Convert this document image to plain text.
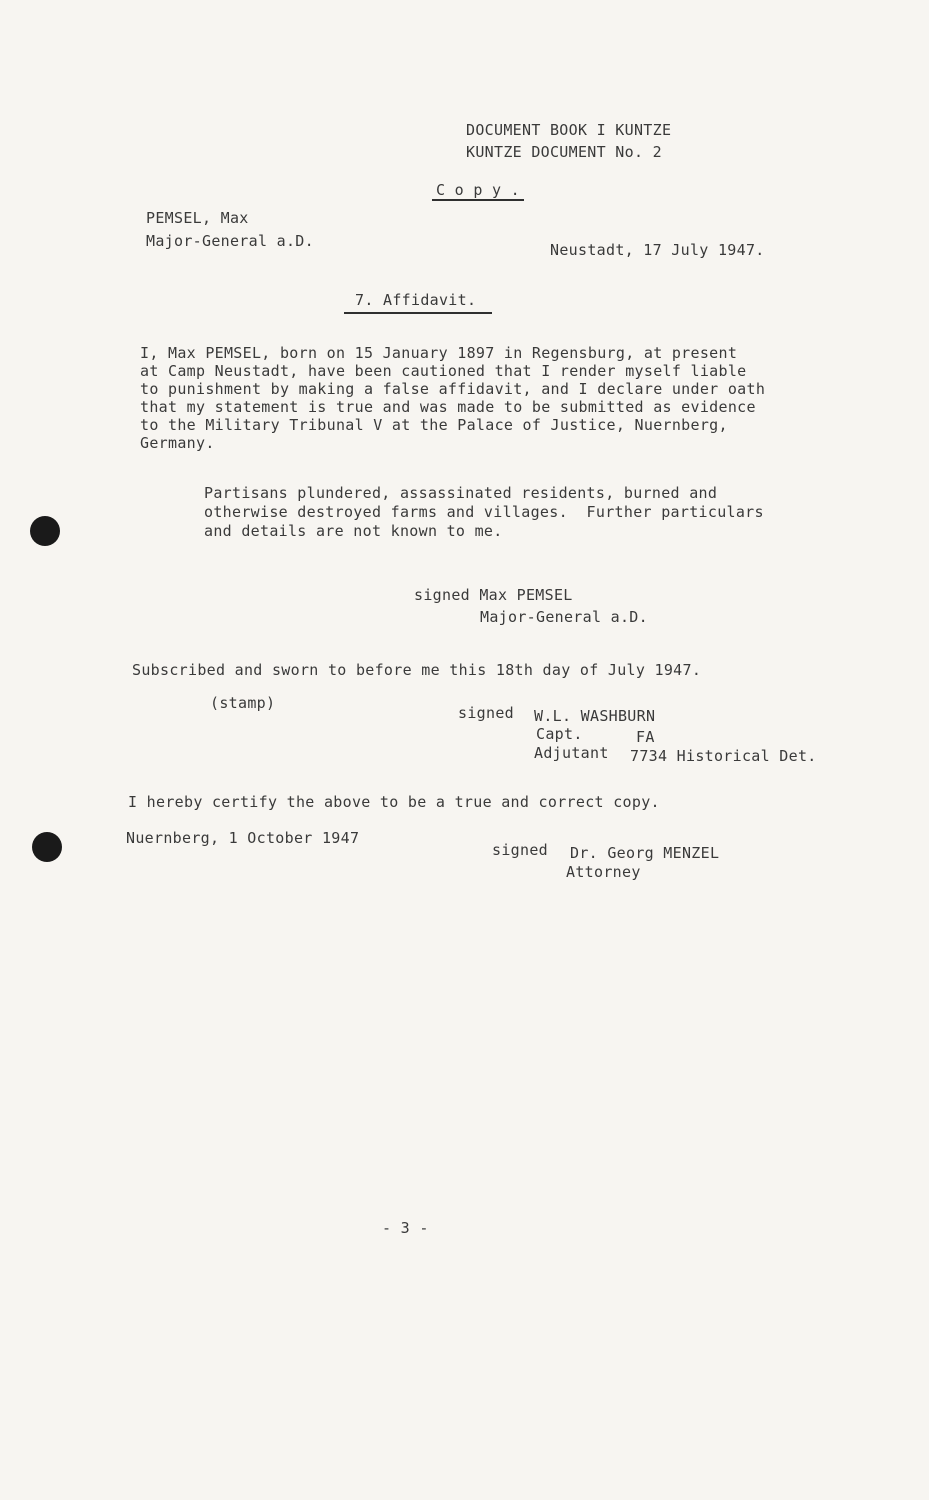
DOCUMENT BOOK I KUNTZE
KUNTZE DOCUMENT No. 2
C o p y .
PEMSEL, Max
Major-General a.D.	Neustadt, 17 July 1947.
7. Affidavit.
I, Max PEMSEL, born on 15 January 1897 in Regensburg, at present
at Camp Neustadt, have been cautioned that I render myself liable
to punishment by making a false affidavit, and I declare under oath
that my statement is true and was made to be submitted as evidence
to the Military Tribunal V at the Palace of Justice, Nuernberg,
Germany.
Partisans plundered, assassinated residents, burned and
otherwise destroyed farms and villages.  Further particulars
and details are not known to me.
signed Max PEMSEL
Major-General a.D.
Subscribed and sworn to before me this 18th day of July 1947.
(stamp)
signed W.L. WASHBURN
Capt.	FA
Adjutant 7734 Historical Det.
I hereby certify the above to be a true and correct copy.
Nuernberg, 1 October 1947
signed Dr. Georg MENZEL
Attorney
- 3 -
